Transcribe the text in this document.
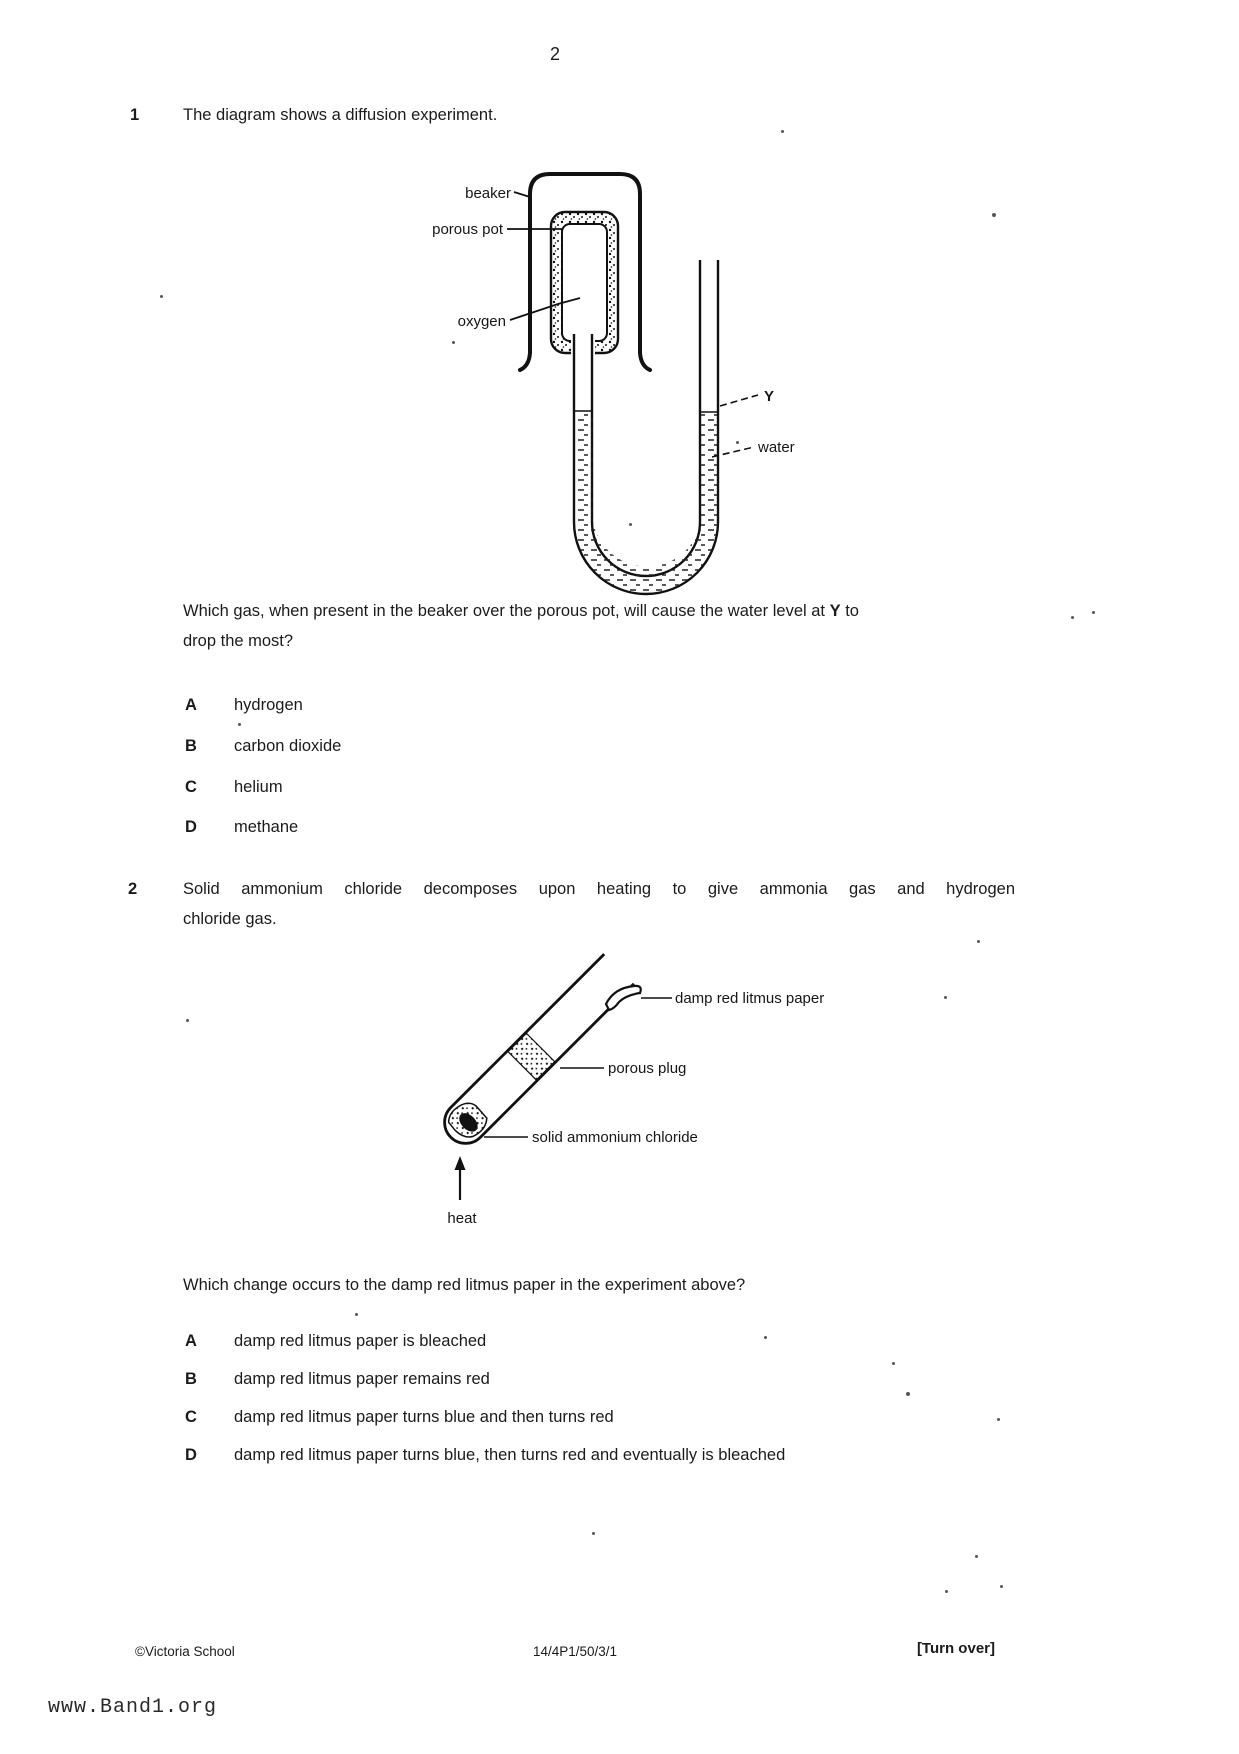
2
1	The diagram shows a diffusion experiment.
beaker
porous pot
oxygen
Y
water
Which gas, when present in the beaker over the porous pot, will cause the water level at Y to
drop the most?
A hydrogen
B carbon dioxide
C helium
D methane
2	Solid ammonium chloride decomposes upon heating to give ammonia gas and hydrogen
chloride gas.
damp red litmus paper
porous plug
solid ammonium chloride
heat
Which change occurs to the damp red litmus paper in the experiment above?
A damp red litmus paper is bleached
B damp red litmus paper remains red
C damp red litmus paper turns blue and then turns red
D damp red litmus paper turns blue, then turns red and eventually is bleached
©Victoria School	14/4P1/50/3/1	[Turn over]
www.Band1.org
